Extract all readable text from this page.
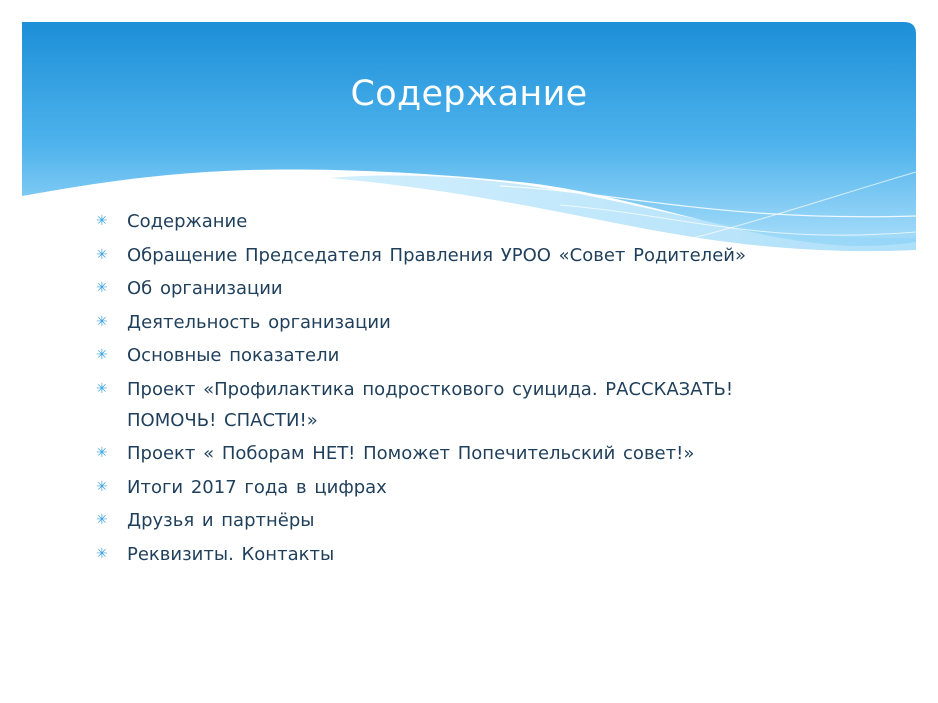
Содержание
✳ Содержание
✳ Обращение Председателя Правления УРОО «Совет Родителей»
✳ Об организации
✳ Деятельность организации
✳ Основные показатели
✳ Проект «Профилактика подросткового суицида. РАССКАЗАТЬ!
ПОМОЧЬ! СПАСТИ!»
✳ Проект « Поборам НЕТ! Поможет Попечительский совет!»
✳ Итоги 2017 года в цифрах
✳ Друзья и партнёры
✳ Реквизиты. Контакты
